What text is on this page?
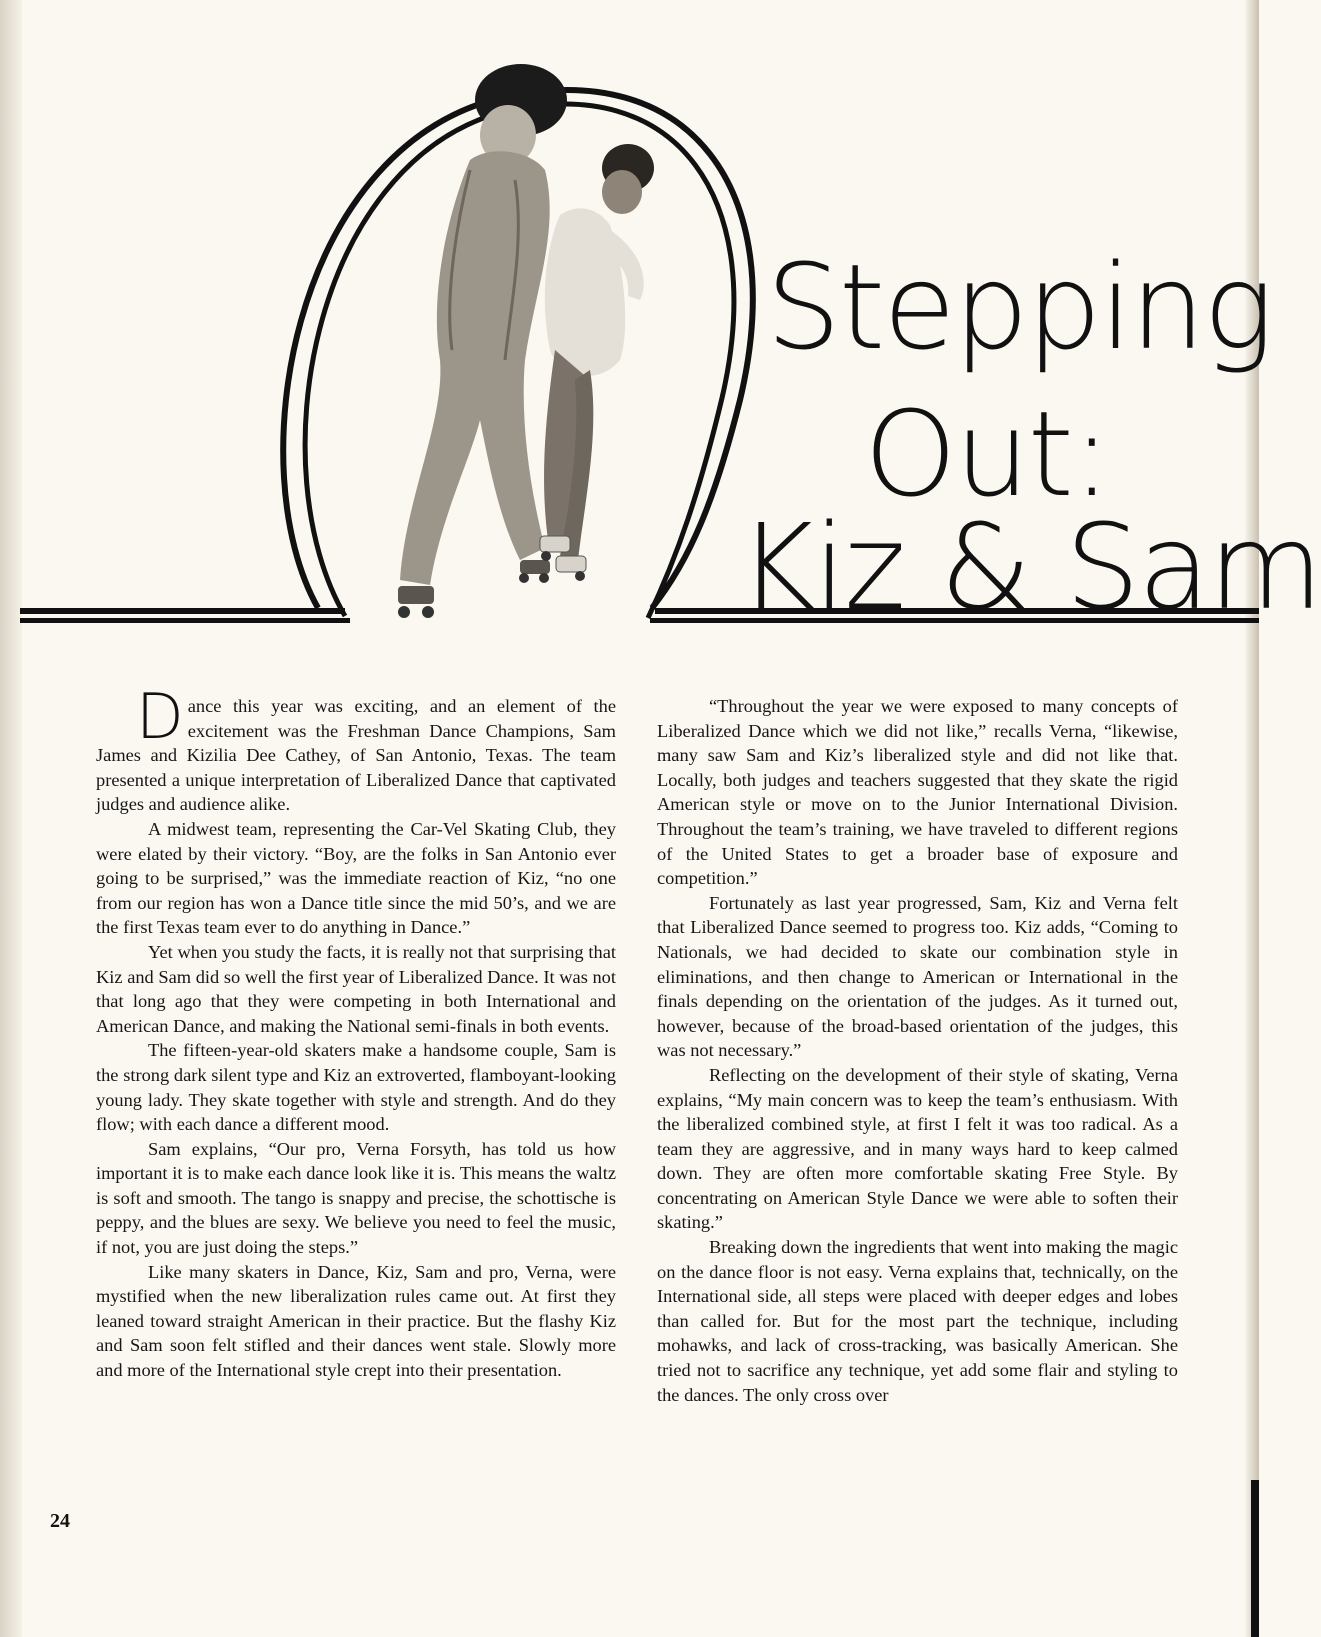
Stepping
Out:
Kiz & Sam

Dance this year was exciting, and an element of the excitement was the Freshman Dance Champions, Sam James and Kizilia Dee Cathey, of San Antonio, Texas. The team presented a unique interpretation of Liberalized Dance that captivated judges and audience alike.

A midwest team, representing the Car-Vel Skating Club, they were elated by their victory. “Boy, are the folks in San Antonio ever going to be surprised,” was the immediate reaction of Kiz, “no one from our region has won a Dance title since the mid 50’s, and we are the first Texas team ever to do anything in Dance.”

Yet when you study the facts, it is really not that surprising that Kiz and Sam did so well the first year of Liberalized Dance. It was not that long ago that they were competing in both International and American Dance, and making the National semi-finals in both events.

The fifteen-year-old skaters make a handsome couple, Sam is the strong dark silent type and Kiz an extroverted, flamboyant-looking young lady. They skate together with style and strength. And do they flow; with each dance a different mood.

Sam explains, “Our pro, Verna Forsyth, has told us how important it is to make each dance look like it is. This means the waltz is soft and smooth. The tango is snappy and precise, the schottische is peppy, and the blues are sexy. We believe you need to feel the music, if not, you are just doing the steps.”

Like many skaters in Dance, Kiz, Sam and pro, Verna, were mystified when the new liberalization rules came out. At first they leaned toward straight American in their practice. But the flashy Kiz and Sam soon felt stifled and their dances went stale. Slowly more and more of the International style crept into their presentation.

“Throughout the year we were exposed to many concepts of Liberalized Dance which we did not like,” recalls Verna, “likewise, many saw Sam and Kiz’s liberalized style and did not like that. Locally, both judges and teachers suggested that they skate the rigid American style or move on to the Junior International Division. Throughout the team’s training, we have traveled to different regions of the United States to get a broader base of exposure and competition.”

Fortunately as last year progressed, Sam, Kiz and Verna felt that Liberalized Dance seemed to progress too. Kiz adds, “Coming to Nationals, we had decided to skate our combination style in eliminations, and then change to American or International in the finals depending on the orientation of the judges. As it turned out, however, because of the broad-based orientation of the judges, this was not necessary.”

Reflecting on the development of their style of skating, Verna explains, “My main concern was to keep the team’s enthusiasm. With the liberalized combined style, at first I felt it was too radical. As a team they are aggressive, and in many ways hard to keep calmed down. They are often more comfortable skating Free Style. By concentrating on American Style Dance we were able to soften their skating.”

Breaking down the ingredients that went into making the magic on the dance floor is not easy. Verna explains that, technically, on the International side, all steps were placed with deeper edges and lobes than called for. But for the most part the technique, including mohawks, and lack of cross-tracking, was basically American. She tried not to sacrifice any technique, yet add some flair and styling to the dances. The only cross over

24
